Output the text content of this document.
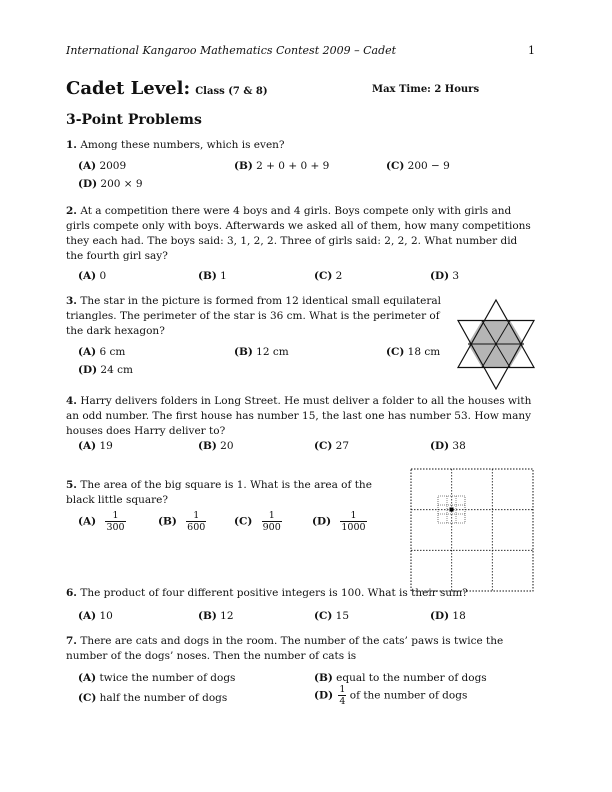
International Kangaroo Mathematics Contest 2009 – Cadet	1
Cadet Level: Class (7 & 8)	Max Time: 2 Hours
3-Point Problems
1. Among these numbers, which is even?
(A) 2009	(B) 2 + 0 + 0 + 9	(C) 200 − 9
(D) 200 × 9
2. At a competition there were 4 boys and 4 girls. Boys compete only with girls and girls compete only with boys. Afterwards we asked all of them, how many competitions they each had. The boys said: 3, 1, 2, 2. Three of girls said: 2, 2, 2. What number did the fourth girl say?
(A) 0	(B) 1	(C) 2	(D) 3
3. The star in the picture is formed from 12 identical small equilateral triangles. The perimeter of the star is 36 cm. What is the perimeter of the dark hexagon?
(A) 6 cm	(B) 12 cm	(C) 18 cm
(D) 24 cm
4. Harry delivers folders in Long Street. He must deliver a folder to all the houses with an odd number. The first house has number 15, the last one has number 53. How many houses does Harry deliver to?
(A) 19	(B) 20	(C) 27	(D) 38
5. The area of the big square is 1. What is the area of the black little square?
$(A) \frac{1}{300}$	$(B) \frac{1}{600}$	$(C) \frac{1}{900}$	$(D) \frac{1}{1000}$
6. The product of four different positive integers is 100. What is their sum?
(A) 10	(B) 12	(C) 15	(D) 18
7. There are cats and dogs in the room. The number of the cats’ paws is twice the number of the dogs’ noses. Then the number of cats is
(A) twice the number of dogs	(B) equal to the number of dogs
(C) half the number of dogs	$(D) \frac{1}{4}$ of the number of dogs
